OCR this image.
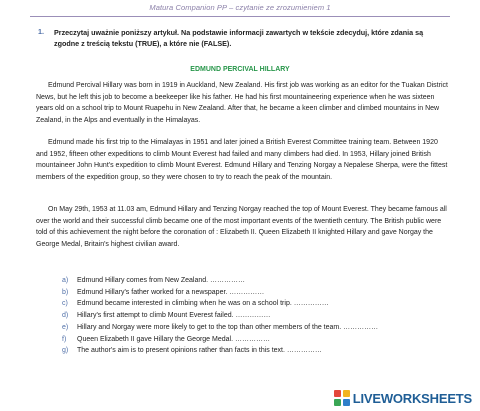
Matura Companion PP – czytanie ze zrozumieniem 1
1. Przeczytaj uważnie poniższy artykuł. Na podstawie informacji zawartych w tekście zdecyduj, które zdania są zgodne z treścią tekstu (TRUE), a które nie (FALSE).
EDMUND PERCIVAL HILLARY

Edmund Percival Hillary was born in 1919 in Auckland, New Zealand. His first job was working as an editor for the Tuakan District News, but he left this job to become a beekeeper like his father. He had his first mountaineering experience when he was sixteen years old on a school trip to Mount Ruapehu in New Zealand. After that, he became a keen climber and climbed mountains in New Zealand, in the Alps and eventually in the Himalayas.

Edmund made his first trip to the Himalayas in 1951 and later joined a British Everest Committee training team. Between 1920 and 1952, fifteen other expeditions to climb Mount Everest had failed and many climbers had died. In 1953, Hillary joined British mountaineer John Hunt's expedition to climb Mount Everest. Edmund Hillary and Tenzing Norgay a Nepalese Sherpa, were the fittest members of the expedition group, so they were chosen to try to reach the peak of the mountain.

On May 29th, 1953 at 11.03 am, Edmund Hillary and Tenzing Norgay reached the top of Mount Everest. They became famous all over the world and their successful climb became one of the most important events of the twentieth century. The British public were told of this achievement the night before the coronation of : Elizabeth II. Queen Elizabeth II knighted Hillary and gave Norgay the George Medal, Britain's highest civilian award.

a) Edmund Hillary comes from New Zealand. ……………
b) Edmund Hillary's father worked for a newspaper. ……………
c) Edmund became interested in climbing when he was on a school trip. ……………
d) Hillary's first attempt to climb Mount Everest failed. ……………
e) Hillary and Norgay were more likely to get to the top than other members of the team. ……………
f) Queen Elizabeth II gave Hillary the George Medal. ……………
g) The author's aim is to present opinions rather than facts in this text. ……………
LIVEWORKSHEETS
